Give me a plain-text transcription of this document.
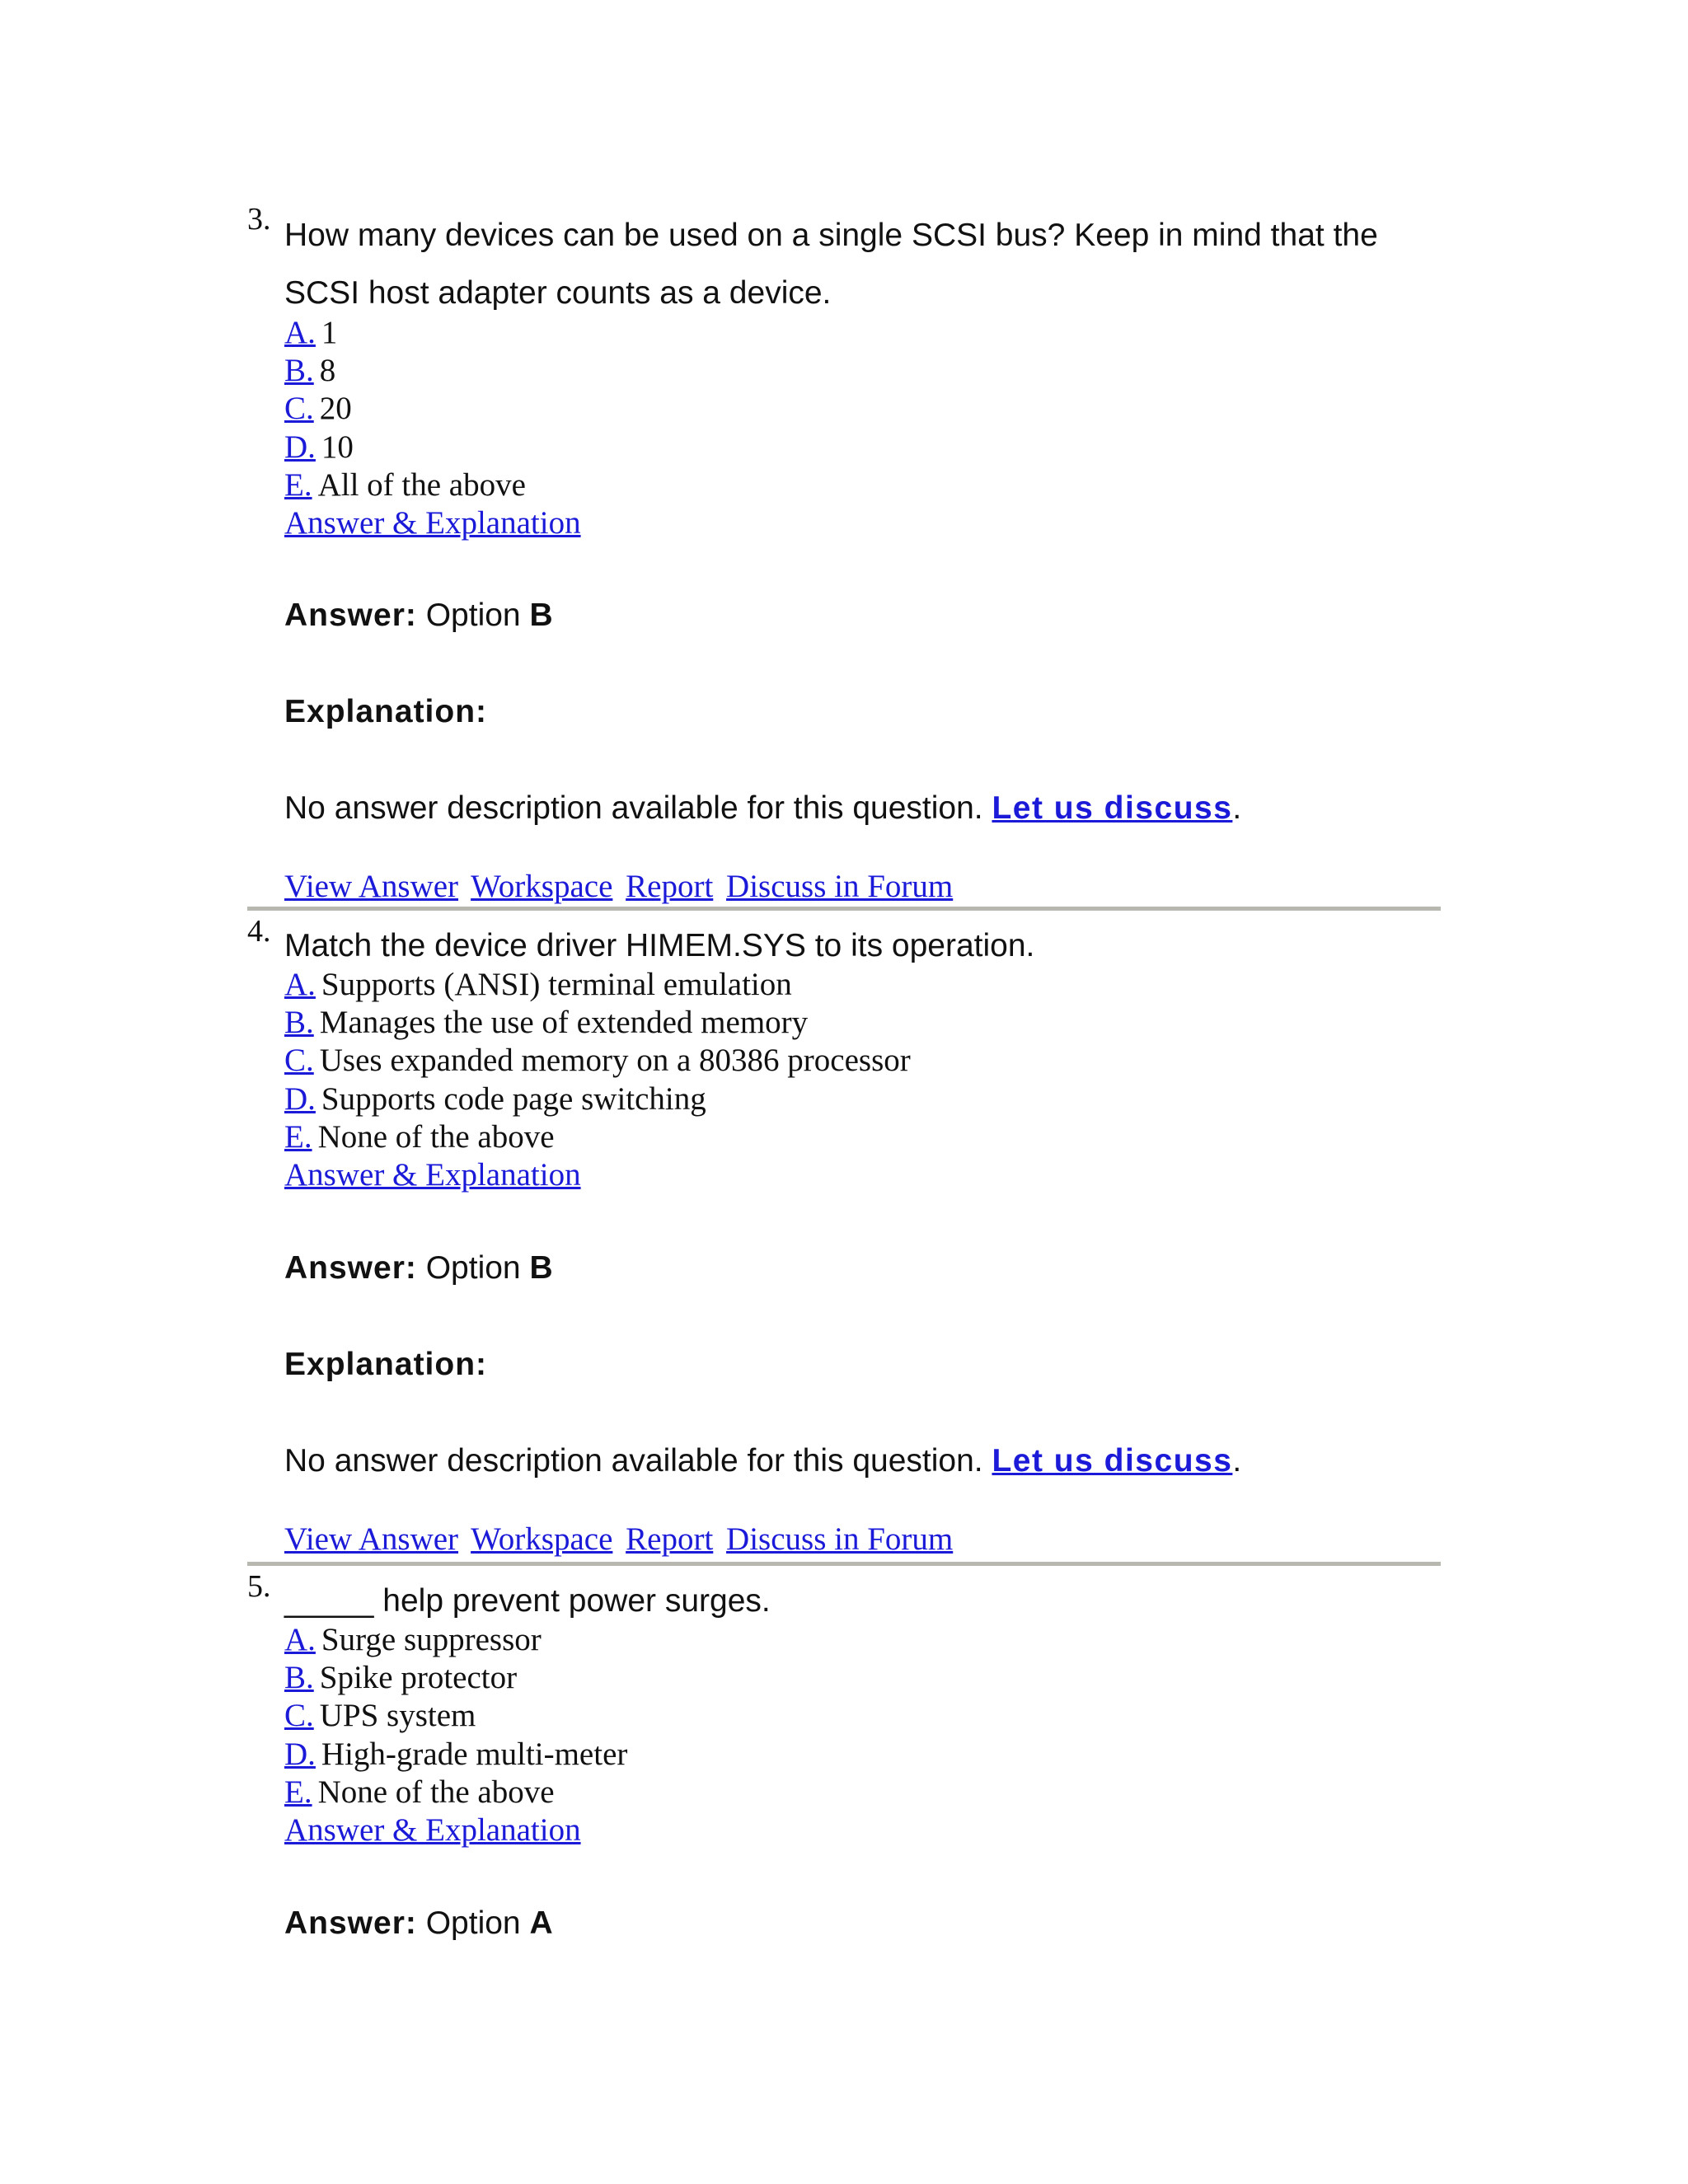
3. How many devices can be used on a single SCSI bus? Keep in mind that the
SCSI host adapter counts as a device.
A. 1
B. 8
C. 20
D. 10
E. All of the above
Answer & Explanation
Answer: Option B
Explanation:
No answer description available for this question. Let us discuss.
View Answer Workspace Report Discuss in Forum
4. Match the device driver HIMEM.SYS to its operation.
A. Supports (ANSI) terminal emulation
B. Manages the use of extended memory
C. Uses expanded memory on a 80386 processor
D. Supports code page switching
E. None of the above
Answer & Explanation
Answer: Option B
Explanation:
No answer description available for this question. Let us discuss.
View Answer Workspace Report Discuss in Forum
5. _____ help prevent power surges.
A. Surge suppressor
B. Spike protector
C. UPS system
D. High-grade multi-meter
E. None of the above
Answer & Explanation
Answer: Option A
